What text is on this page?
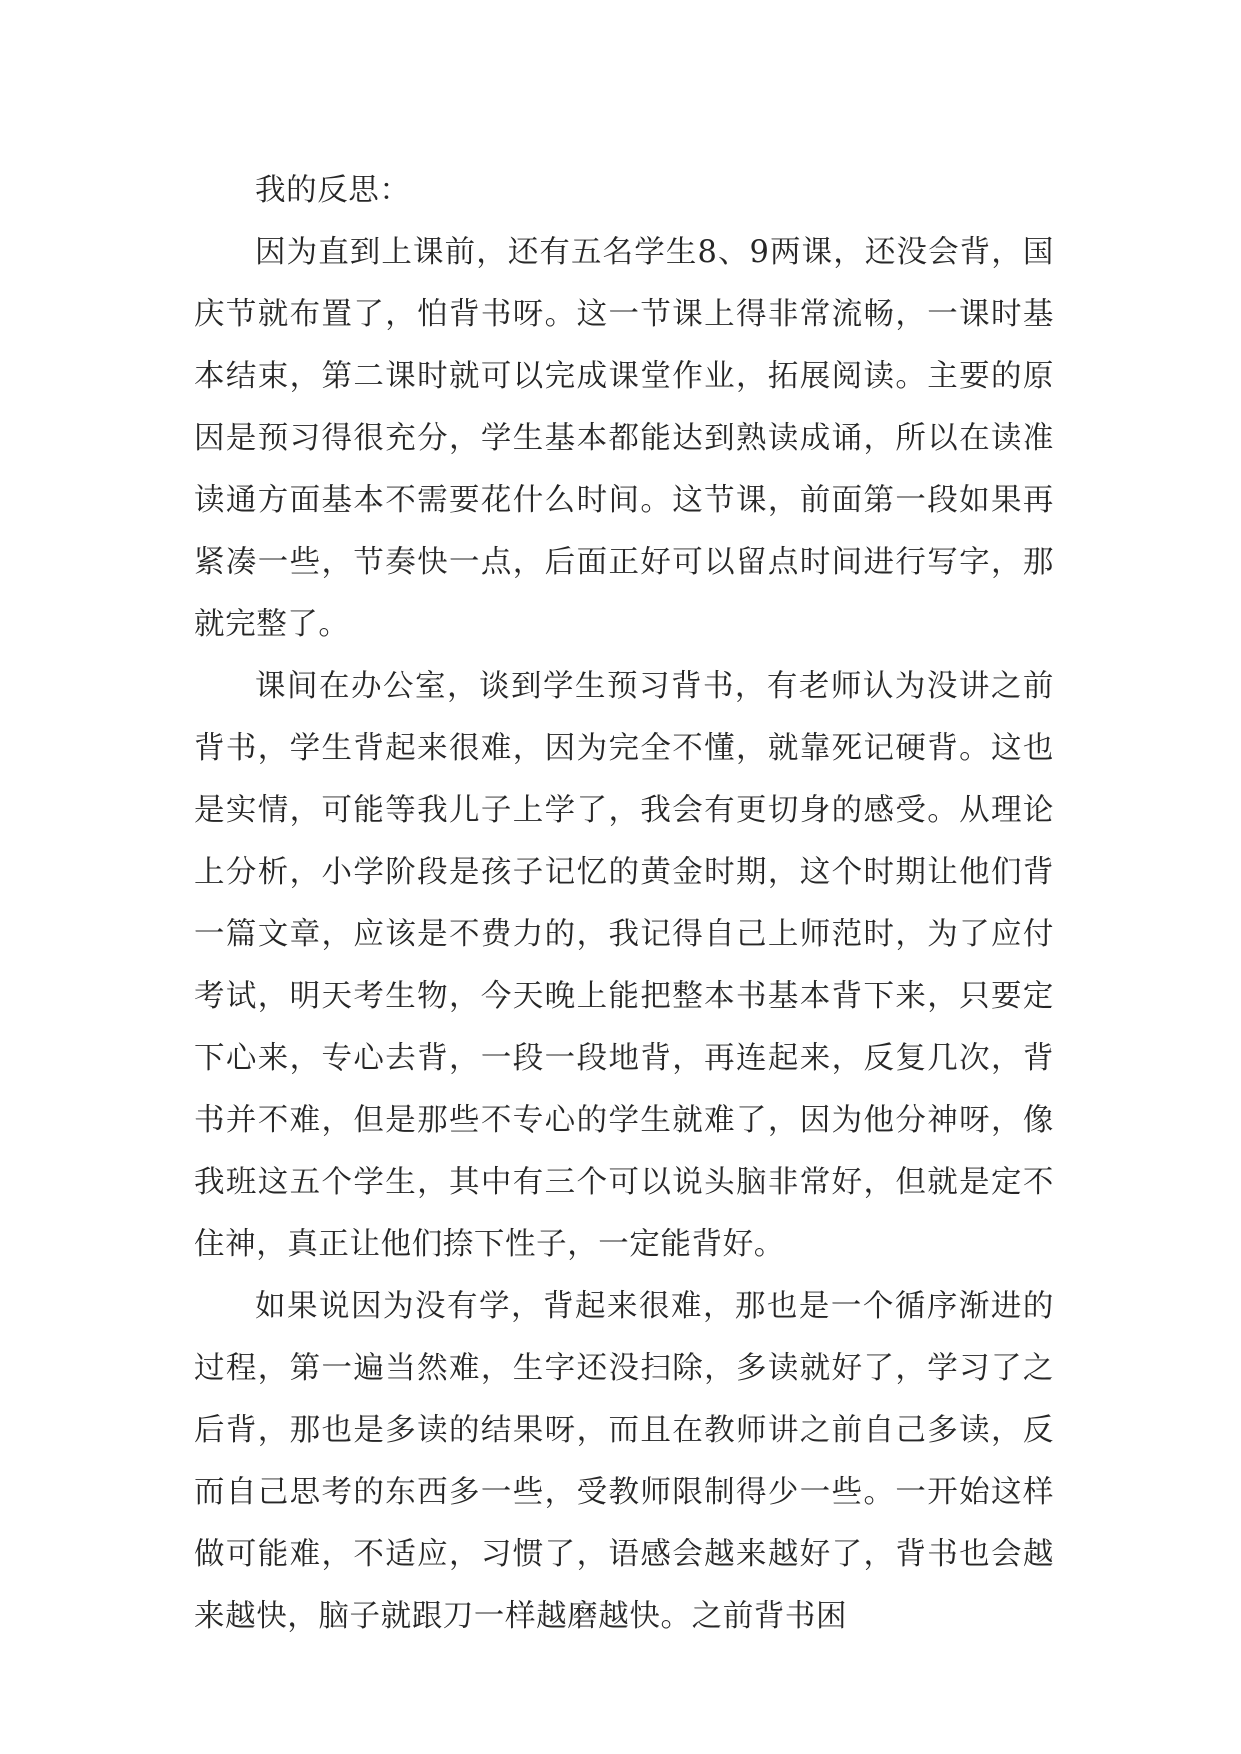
我的反思：

因为直到上课前，还有五名学生8、9两课，还没会背，国庆节就布置了，怕背书呀。这一节课上得非常流畅，一课时基本结束，第二课时就可以完成课堂作业，拓展阅读。主要的原因是预习得很充分，学生基本都能达到熟读成诵，所以在读准读通方面基本不需要花什么时间。这节课，前面第一段如果再紧凑一些，节奏快一点，后面正好可以留点时间进行写字，那就完整了。

课间在办公室，谈到学生预习背书，有老师认为没讲之前背书，学生背起来很难，因为完全不懂，就靠死记硬背。这也是实情，可能等我儿子上学了，我会有更切身的感受。从理论上分析，小学阶段是孩子记忆的黄金时期，这个时期让他们背一篇文章，应该是不费力的，我记得自己上师范时，为了应付考试，明天考生物，今天晚上能把整本书基本背下来，只要定下心来，专心去背，一段一段地背，再连起来，反复几次，背书并不难，但是那些不专心的学生就难了，因为他分神呀，像我班这五个学生，其中有三个可以说头脑非常好，但就是定不住神，真正让他们捺下性子，一定能背好。

如果说因为没有学，背起来很难，那也是一个循序渐进的过程，第一遍当然难，生字还没扫除，多读就好了，学习了之后背，那也是多读的结果呀，而且在教师讲之前自己多读，反而自己思考的东西多一些，受教师限制得少一些。一开始这样做可能难，不适应，习惯了，语感会越来越好了，背书也会越来越快，脑子就跟刀一样越磨越快。之前背书困
